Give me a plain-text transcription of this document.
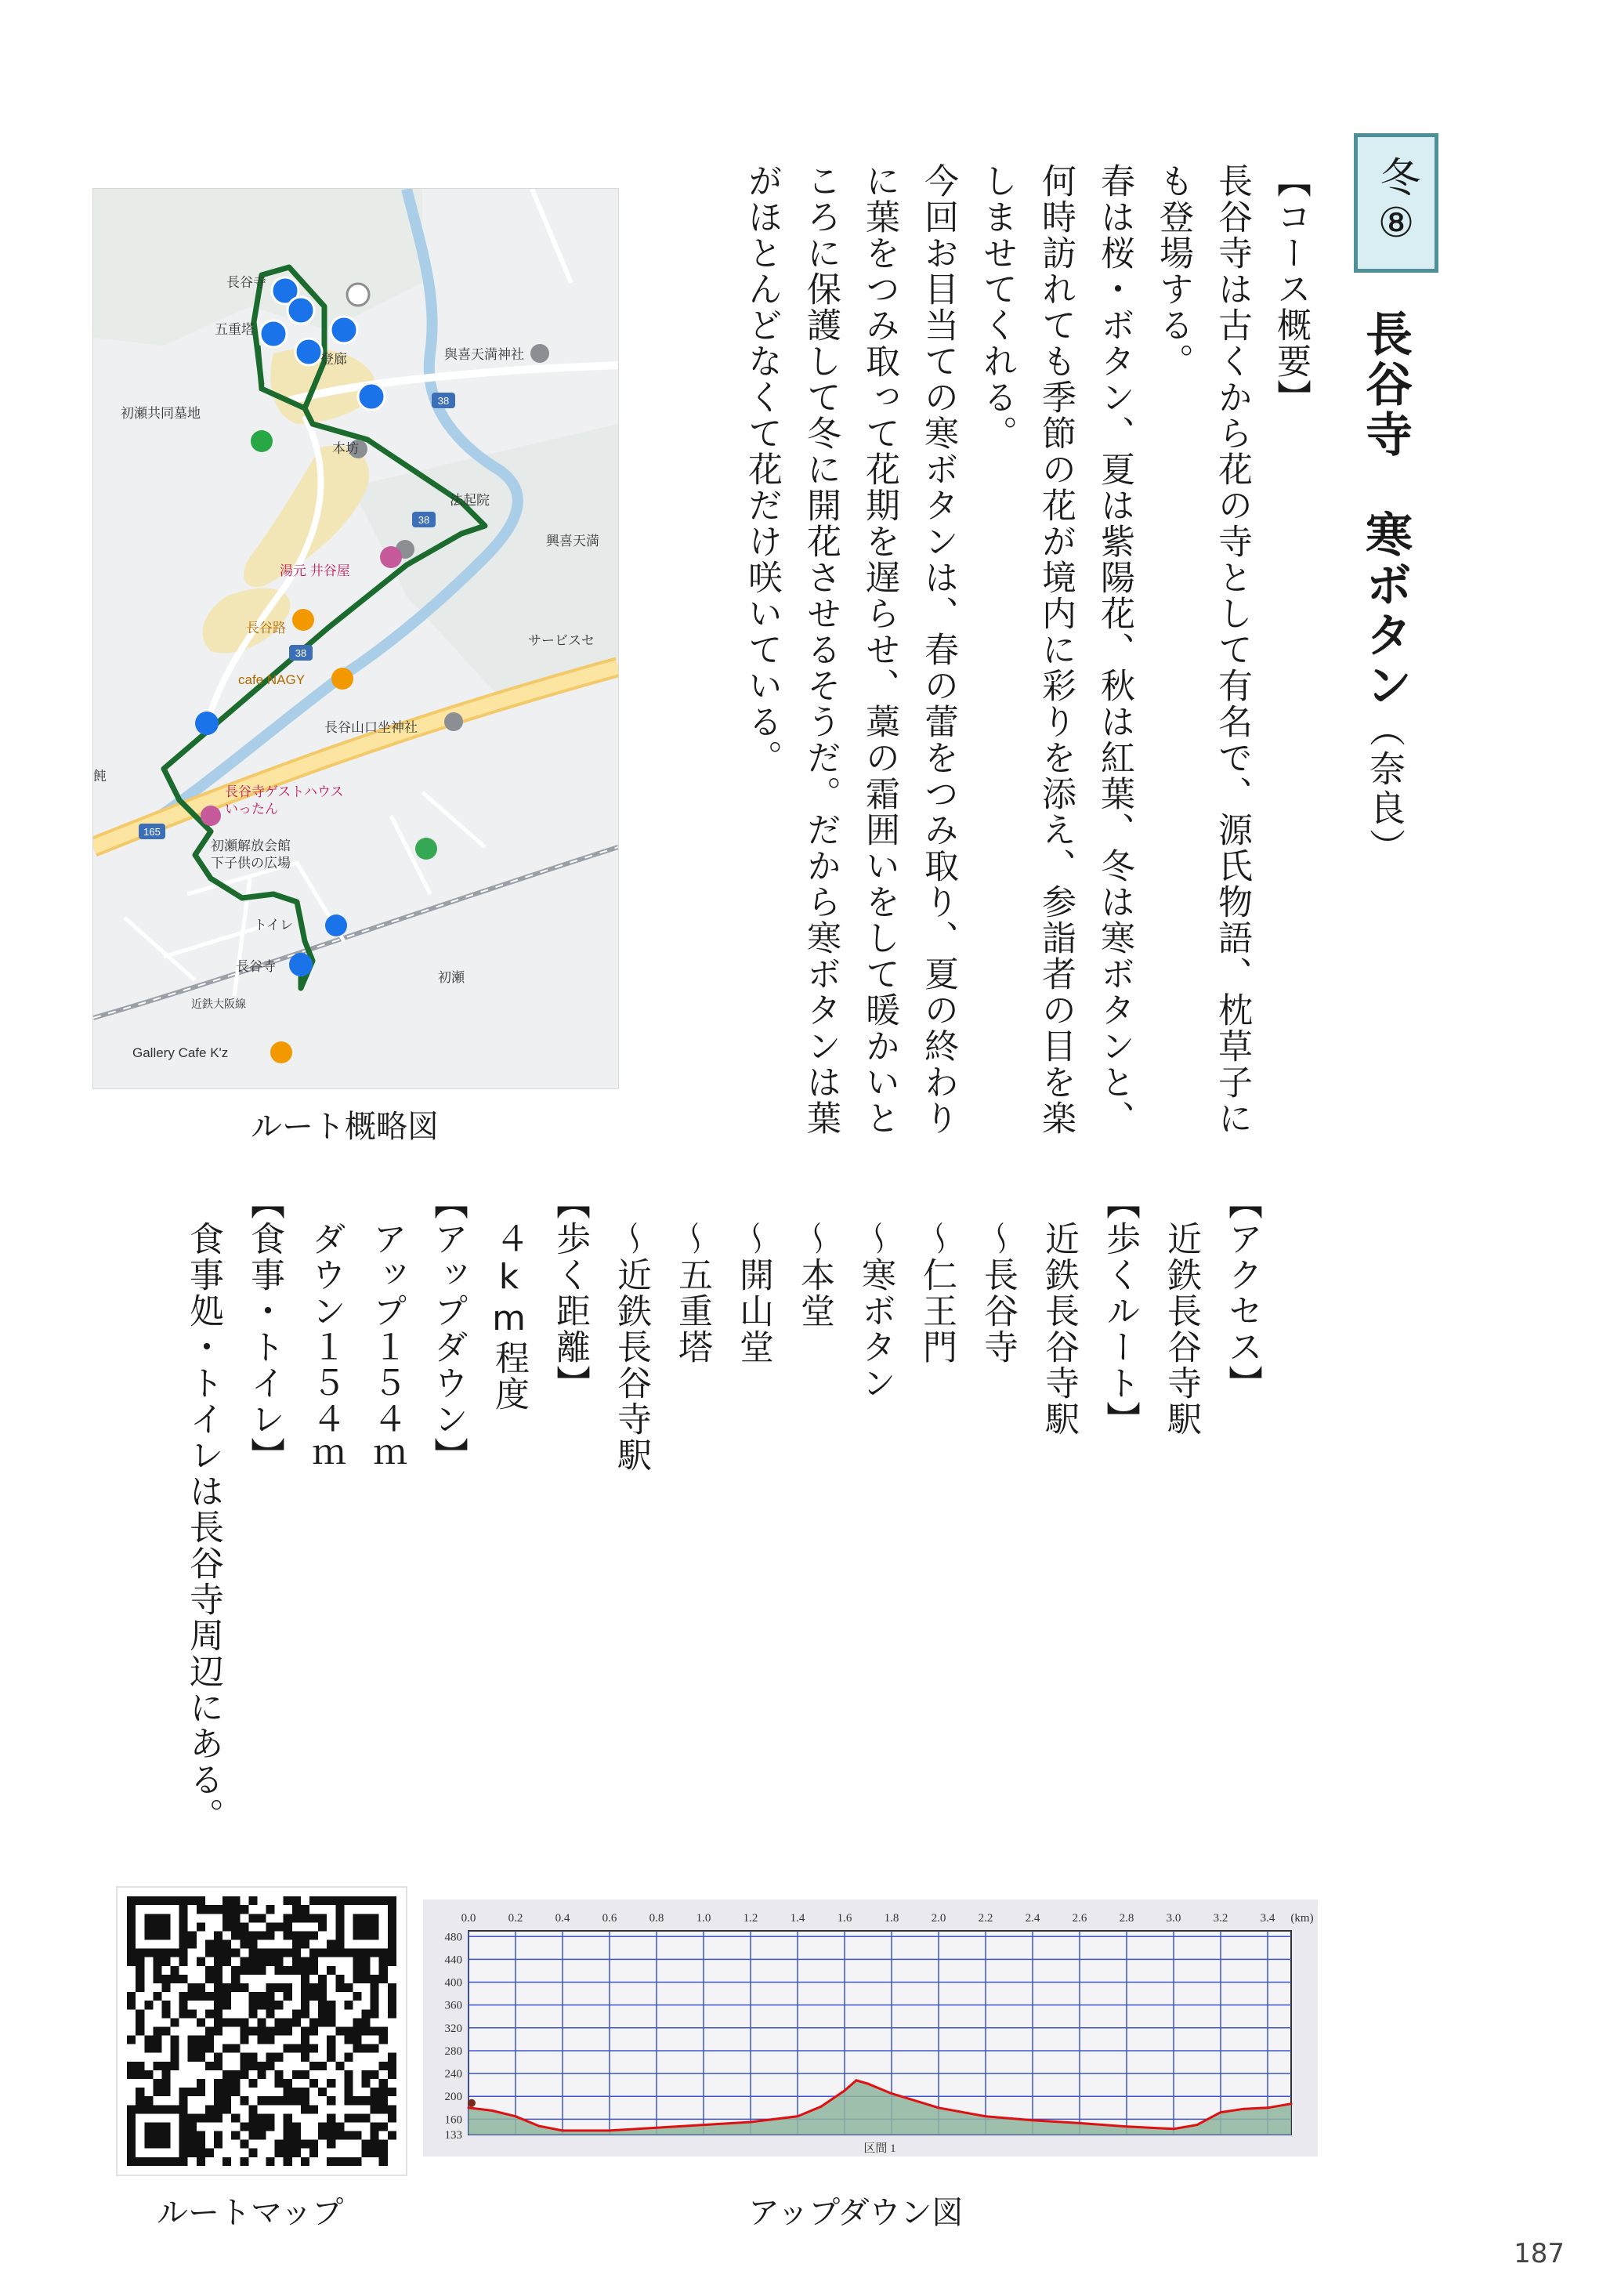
冬⑧
長谷寺　寒ボタン（奈良）

【コース概要】

長谷寺は古くから花の寺として有名で、源氏物語、枕草子にも登場する。

春は桜・ボタン、夏は紫陽花、秋は紅葉、冬は寒ボタンと、何時訪れても季節の花が境内に彩りを添え、参詣者の目を楽しませてくれる。

今回お目当ての寒ボタンは、春の蕾をつみ取り、夏の終わりに葉をつみ取って花期を遅らせ、藁の霜囲いをして暖かいところに保護して冬に開花させるそうだ。だから寒ボタンは葉がほとんどなくて花だけ咲いている。

【アクセス】

　近鉄長谷寺駅

【歩くルート】

　近鉄長谷寺駅

　～長谷寺

　～仁王門

　～寒ボタン

　～本堂

　～開山堂

　～五重塔

　～近鉄長谷寺駅

【歩く距離】

　４km程度

【アップダウン】

　アップ１５４ｍ

　ダウン１５４ｍ

【食事・トイレ】

　食事処・トイレは長谷寺周辺にある。

38
38
38
165
長谷寺
五重塔
登廊	與喜天満神社
初瀬共同墓地
本坊
法起院
興喜天満
湯元 井谷屋
長谷路
サービスセ
cafe NAGY
長谷山口坐神社
長谷寺ゲストハウス
いったん
初瀬解放会館
下子供の広場
トイレ
長谷寺
初瀬
近鉄大阪線
Gallery Cafe K'z
飩
ルート概略図
ルートマップ
0.0	0.2	0.4	0.6	0.8	1.0	1.2	1.4	1.6	1.8	2.0	2.2	2.4	2.6	2.8	3.0	3.2	3.4 (km)
480
440
400
360
320
280
240
200
160
133
区間 1
アップダウン図
187
